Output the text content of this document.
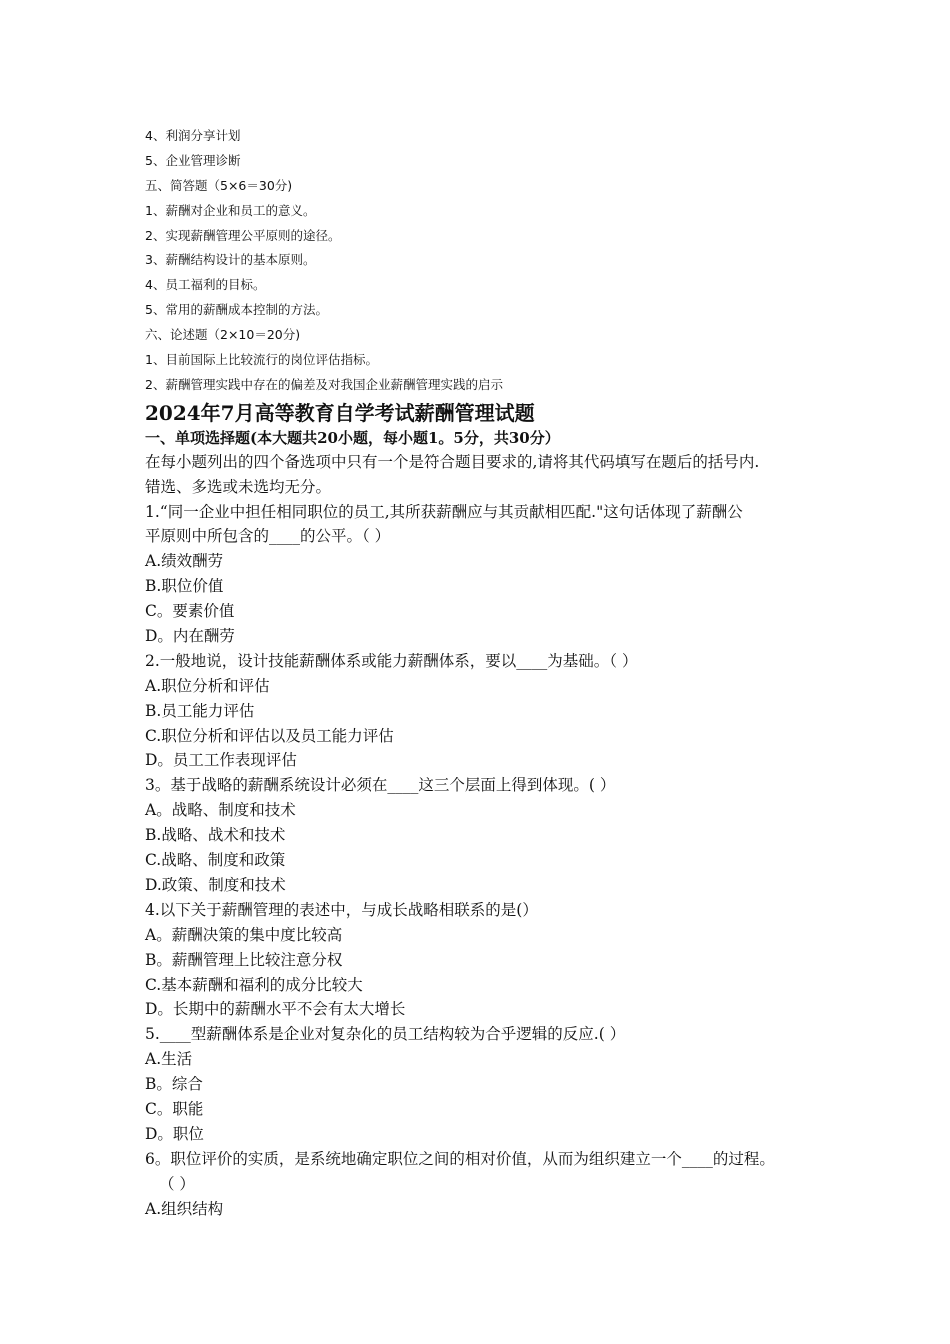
4、利润分享计划
5、企业管理诊断
五、简答题（5×6＝30分)
1、薪酬对企业和员工的意义。
2、实现薪酬管理公平原则的途径。
3、薪酬结构设计的基本原则。
4、员工福利的目标。
5、常用的薪酬成本控制的方法。
六、论述题（2×10＝20分)
1、目前国际上比较流行的岗位评估指标。
2、薪酬管理实践中存在的偏差及对我国企业薪酬管理实践的启示
2024年7月高等教育自学考试薪酬管理试题
一、单项选择题(本大题共20小题，每小题1。5分，共30分）
在每小题列出的四个备选项中只有一个是符合题目要求的,请将其代码填写在题后的括号内.
错选、多选或未选均无分。
1.“同一企业中担任相同职位的员工,其所获薪酬应与其贡献相匹配."这句话体现了薪酬公
平原则中所包含的____的公平。（ ）
A.绩效酬劳
B.职位价值
C。要素价值
D。内在酬劳
2.一般地说，设计技能薪酬体系或能力薪酬体系，要以____为基础。（ ）
A.职位分析和评估
B.员工能力评估
C.职位分析和评估以及员工能力评估
D。员工工作表现评估
3。基于战略的薪酬系统设计必须在____这三个层面上得到体现。( ）
A。战略、制度和技术
B.战略、战术和技术
C.战略、制度和政策
D.政策、制度和技术
4.以下关于薪酬管理的表述中，与成长战略相联系的是(）
A。薪酬决策的集中度比较高
B。薪酬管理上比较注意分权
C.基本薪酬和福利的成分比较大
D。长期中的薪酬水平不会有太大增长
5.____型薪酬体系是企业对复杂化的员工结构较为合乎逻辑的反应.( ）
A.生活
B。综合
C。职能
D。职位
6。职位评价的实质，是系统地确定职位之间的相对价值，从而为组织建立一个____的过程。
（ ）
A.组织结构
